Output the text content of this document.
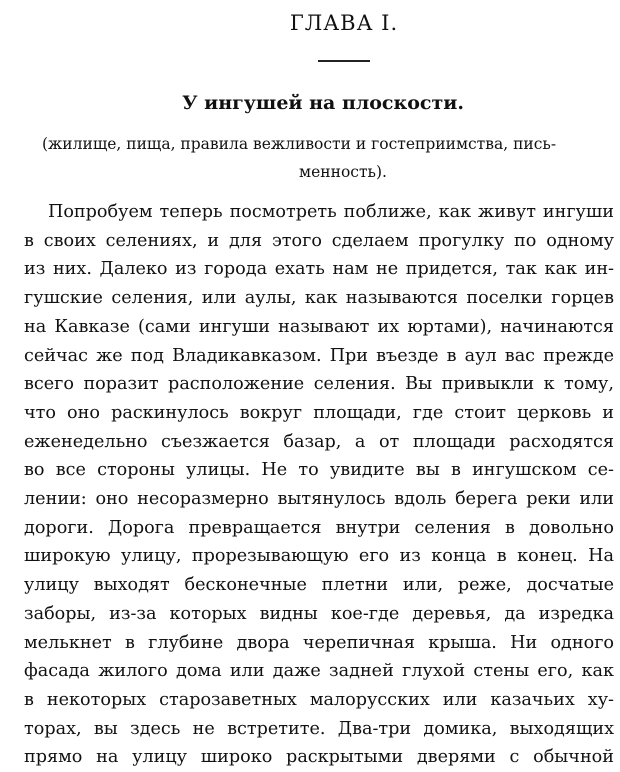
ГЛАВА I.
У ингушей на плоскости.
(жилище, пища, правила вежливости и гостеприимства, пись-
менность).
Попробуем теперь посмотреть поближе, как живут ингуши
в своих селениях, и для этого сделаем прогулку по одному
из них. Далеко из города ехать нам не придется, так как ин-
гушские селения, или аулы, как называются поселки горцев
на Кавказе (сами ингуши называют их юртами), начинаются
сейчас же под Владикавказом. При въезде в аул вас прежде
всего поразит расположение селения. Вы привыкли к тому,
что оно раскинулось вокруг площади, где стоит церковь и
еженедельно съезжается базар, а от площади расходятся
во все стороны улицы. Не то увидите вы в ингушском се-
лении: оно несоразмерно вытянулось вдоль берега реки или
дороги. Дорога превращается внутри селения в довольно
широкую улицу, прорезывающую его из конца в конец. На
улицу выходят бесконечные плетни или, реже, досчатые
заборы, из-за которых видны кое-где деревья, да изредка
мелькнет в глубине двора черепичная крыша. Ни одного
фасада жилого дома или даже задней глухой стены его, как
в некоторых старозаветных малорусских или казачьих ху-
торах, вы здесь не встретите. Два-три домика, выходящих
прямо на улицу широко раскрытыми дверями с обычной
